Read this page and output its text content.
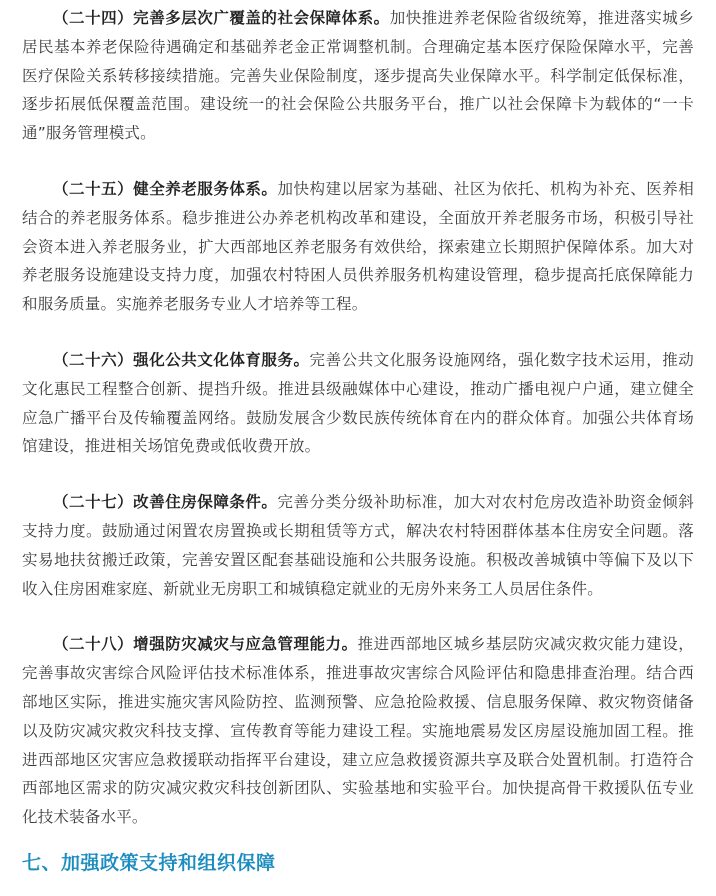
（二十四）完善多层次广覆盖的社会保障体系。加快推进养老保险省级统筹，推进落实城乡居民基本养老保险待遇确定和基础养老金正常调整机制。合理确定基本医疗保险保障水平，完善医疗保险关系转移接续措施。完善失业保险制度，逐步提高失业保障水平。科学制定低保标准，逐步拓展低保覆盖范围。建设统一的社会保险公共服务平台，推广以社会保障卡为载体的“一卡通”服务管理模式。

（二十五）健全养老服务体系。加快构建以居家为基础、社区为依托、机构为补充、医养相结合的养老服务体系。稳步推进公办养老机构改革和建设，全面放开养老服务市场，积极引导社会资本进入养老服务业，扩大西部地区养老服务有效供给，探索建立长期照护保障体系。加大对养老服务设施建设支持力度，加强农村特困人员供养服务机构建设管理，稳步提高托底保障能力和服务质量。实施养老服务专业人才培养等工程。

（二十六）强化公共文化体育服务。完善公共文化服务设施网络，强化数字技术运用，推动文化惠民工程整合创新、提挡升级。推进县级融媒体中心建设，推动广播电视户户通，建立健全应急广播平台及传输覆盖网络。鼓励发展含少数民族传统体育在内的群众体育。加强公共体育场馆建设，推进相关场馆免费或低收费开放。

（二十七）改善住房保障条件。完善分类分级补助标准，加大对农村危房改造补助资金倾斜支持力度。鼓励通过闲置农房置换或长期租赁等方式，解决农村特困群体基本住房安全问题。落实易地扶贫搬迁政策，完善安置区配套基础设施和公共服务设施。积极改善城镇中等偏下及以下收入住房困难家庭、新就业无房职工和城镇稳定就业的无房外来务工人员居住条件。

（二十八）增强防灾减灾与应急管理能力。推进西部地区城乡基层防灾减灾救灾能力建设，完善事故灾害综合风险评估技术标准体系，推进事故灾害综合风险评估和隐患排查治理。结合西部地区实际，推进实施灾害风险防控、监测预警、应急抢险救援、信息服务保障、救灾物资储备以及防灾减灾救灾科技支撑、宣传教育等能力建设工程。实施地震易发区房屋设施加固工程。推进西部地区灾害应急救援联动指挥平台建设，建立应急救援资源共享及联合处置机制。打造符合西部地区需求的防灾减灾救灾科技创新团队、实验基地和实验平台。加快提高骨干救援队伍专业化技术装备水平。

七、加强政策支持和组织保障
